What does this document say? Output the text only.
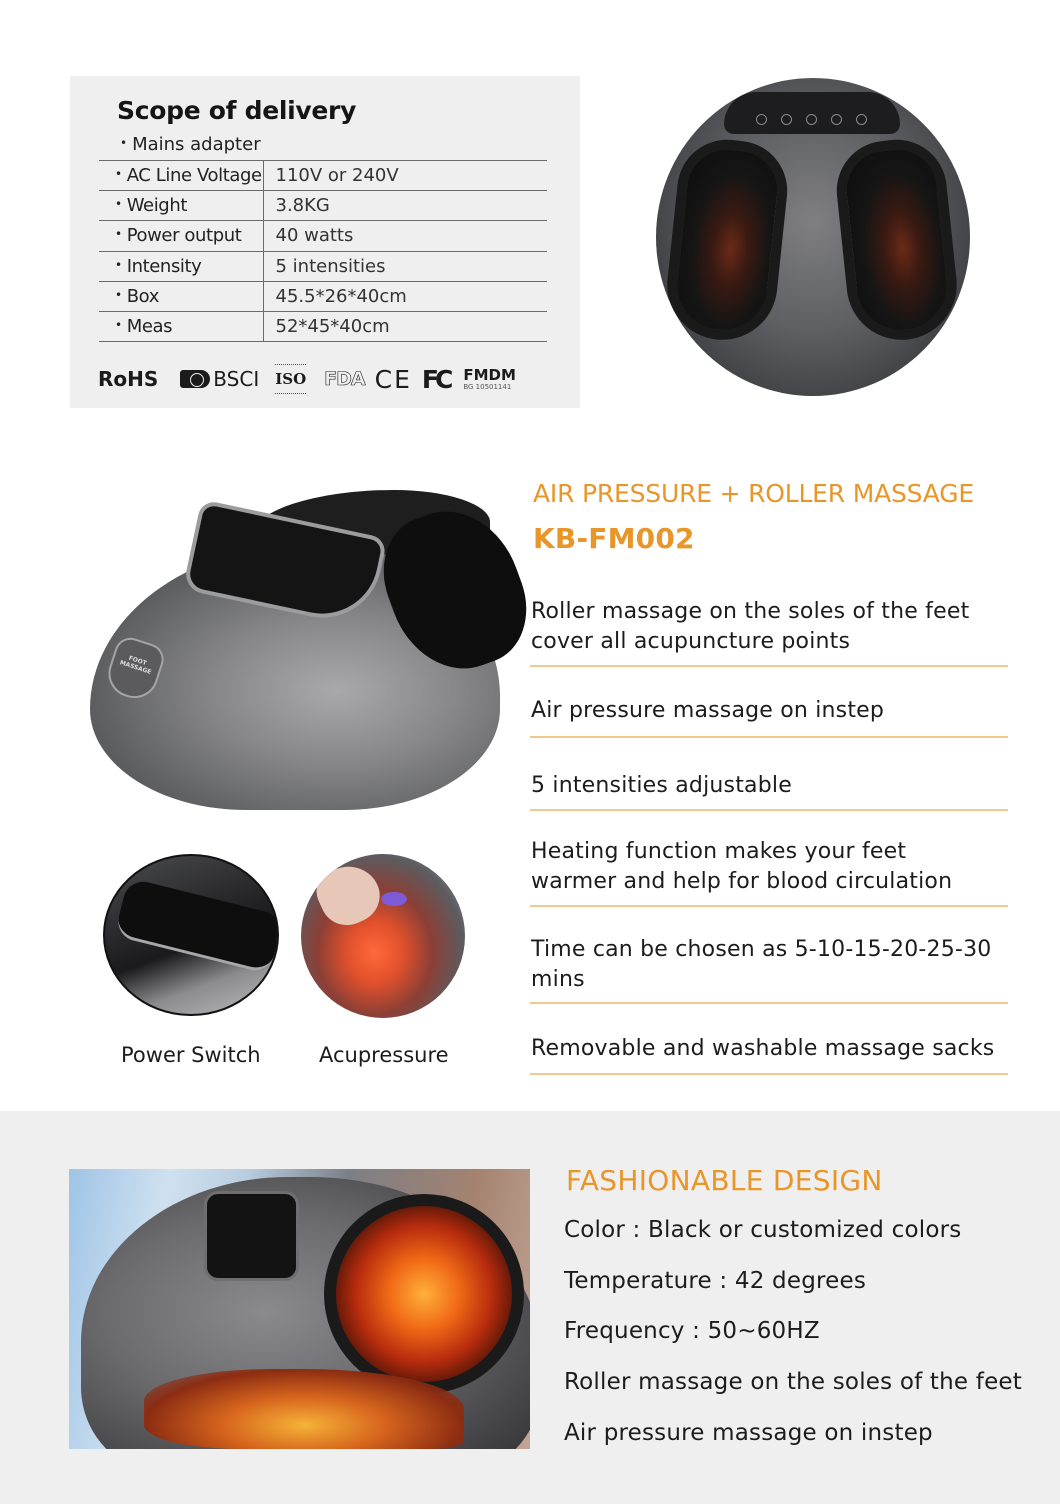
Scope of delivery
• Mains adapter
• AC Line Voltage	110V or 240V
• Weight	3.8KG
• Power output	40 watts
• Intensity	5 intensities
• Box	45.5*26*40cm
• Meas	52*45*40cm
RoHS	BSCI ISO FDA CE FC FMDM
BG 10501141
FOOT MASSAGE
Power Switch	Acupressure
AIR PRESSURE + ROLLER MASSAGE
KB-FM002
Roller massage on the soles of the feet
cover all acupuncture points
Air pressure massage on instep
5 intensities adjustable
Heating function makes your feet
warmer and help for blood circulation
Time can be chosen as 5-10-15-20-25-30
mins
Removable and washable massage sacks
FASHIONABLE DESIGN
Color : Black or customized colors
Temperature : 42 degrees
Frequency : 50~60HZ
Roller massage on the soles of the feet
Air pressure massage on instep
